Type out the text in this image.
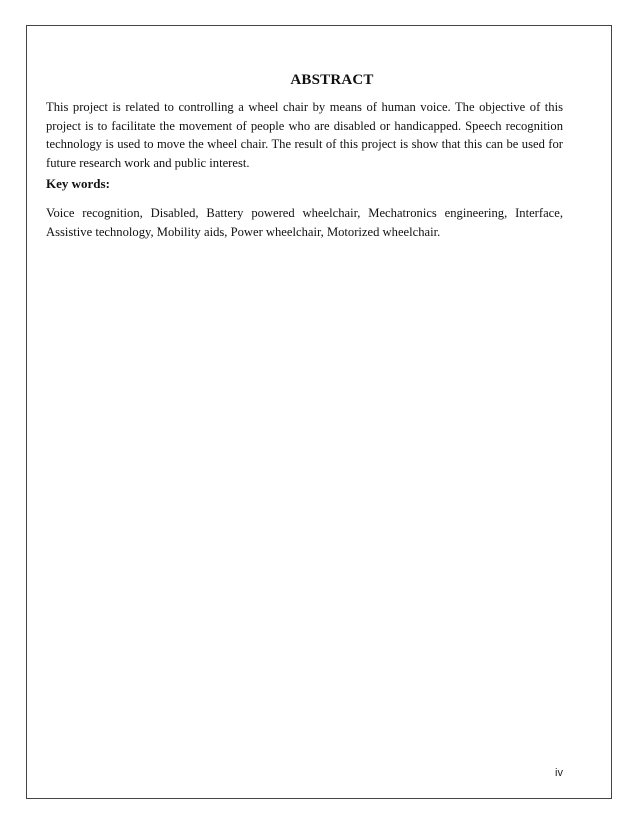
ABSTRACT

This project is related to controlling a wheel chair by means of human voice. The objective of this project is to facilitate the movement of people who are disabled or handicapped. Speech recognition technology is used to move the wheel chair. The result of this project is show that this can be used for future research work and public interest.

Key words:

Voice recognition, Disabled, Battery powered wheelchair, Mechatronics engineering, Interface, Assistive technology, Mobility aids, Power wheelchair, Motorized wheelchair.

iv
